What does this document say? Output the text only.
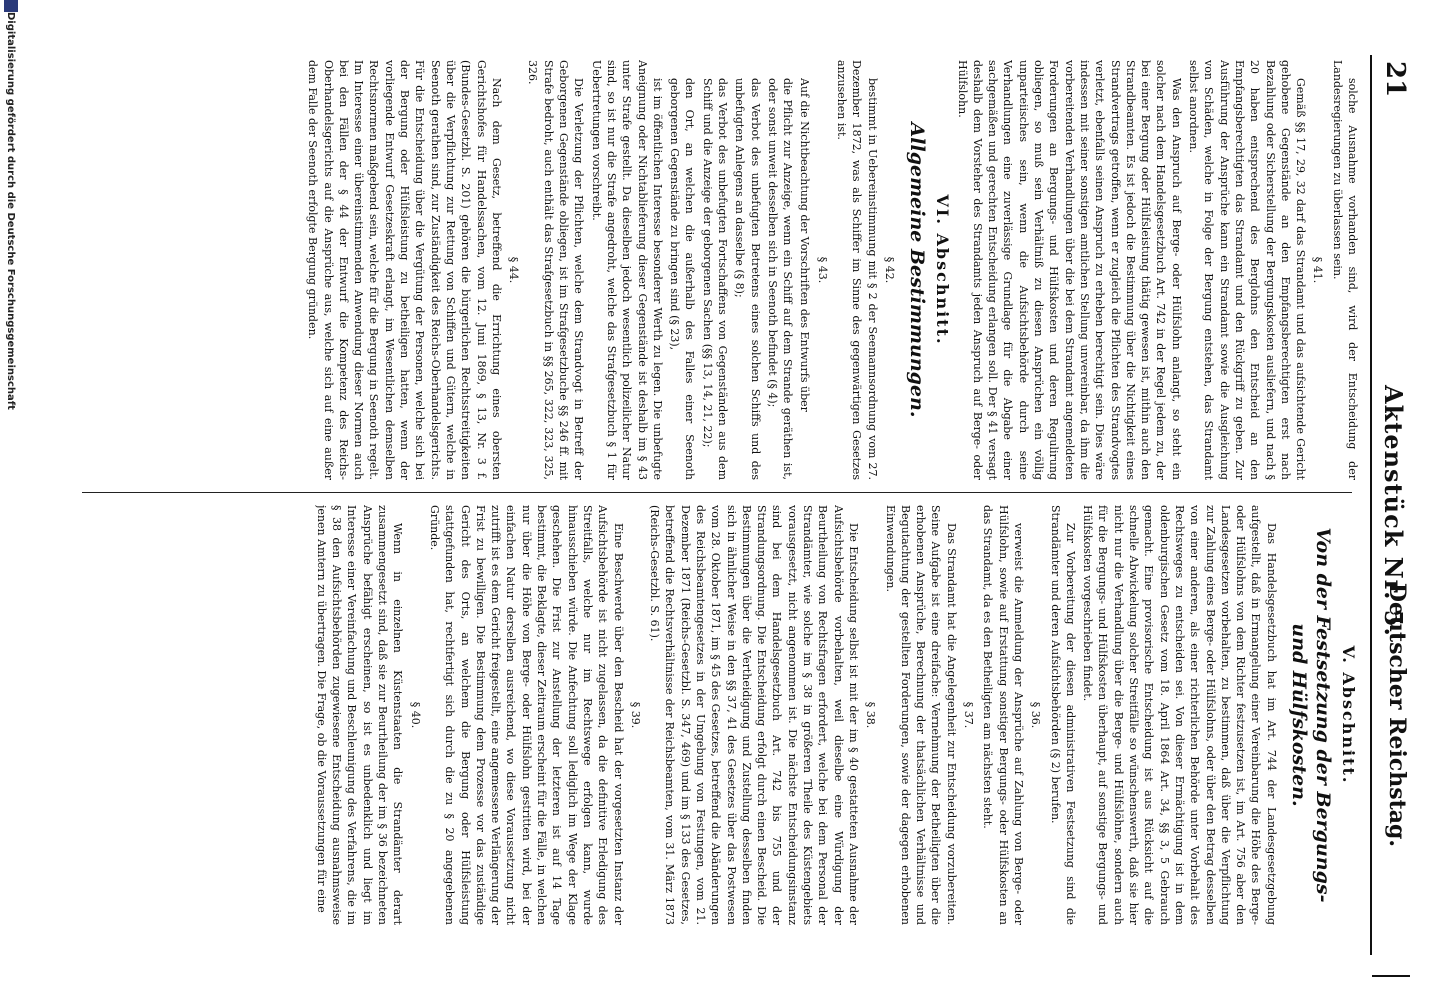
21
Aktenstück Nr. 5.

solche Ausnahme vorhanden sind, wird der Entscheidung der Landesregierungen zu überlassen sein.

§ 41.

Gemäß §§ 17, 29, 32 darf das Strandamt und das aufsichtende Gericht gehobene Gegenstände an den Empfangsberechtigten erst nach Bezahlung oder Sicherstellung der Bergungskosten ausliefern, und nach § 20 haben entsprechend des Berglohns den Entscheid an den Empfangsberechtigten das Strandamt und den Rückgriff zu geben. Zur Ausführung der Ansprüche kann ein Strandamt sowie die Ausgleichung von Schäden, welche in Folge der Bergung entstehen, das Strandamt selbst anordnen.

Was den Anspruch auf Berge- oder Hülfslohn anlangt, so steht ein solcher nach dem Handelsgesetzbuch Art. 742 in der Regel jedem zu, der bei einer Bergung oder Hülfsleistung thätig gewesen ist, mithin auch den Strandbeamten. Es ist jedoch die Bestimmung über die Nichtigkeit eines Strandvertrags getroffen, wenn er zugleich die Pflichten des Strandvogtes verletzt, ebenfalls seinen Anspruch zu erheben berechtigt sein. Dies wäre indessen mit seiner sonstigen amtlichen Stellung unvereinbar, da ihm die vorbereitenden Verhandlungen über die bei dem Strandamt angemeldeten Forderungen an Bergungs- und Hülfskosten und deren Regulirung obliegen, so muß sein Verhältniß zu diesen Ansprüchen ein völlig unparteiisches sein, wenn die Aufsichtsbehörde durch seine Verhandlungen eine zuverlässige Grundlage für die Abgabe einer sachgemäßen und gerechten Entscheidung erlangen soll. Der § 41 versagt deshalb dem Vorsteher des Strandamts jeden Anspruch auf Berge- oder Hülfslohn.

VI. Abschnitt.
Allgemeine Bestimmungen.
§ 42.

bestimmt in Uebereinstimmung mit § 2 der Seemannsordnung vom 27. Dezember 1872, was als Schiffer im Sinne des gegenwärtigen Gesetzes anzusehen ist.

§ 43.

Auf die Nichtbeachtung der Vorschriften des Entwurfs über

die Pflicht zur Anzeige, wenn ein Schiff auf dem Strande geräthen ist, oder sonst unweit desselben sich in Seenoth befindet (§ 4);

das Verbot des unbefugten Betretens eines solchen Schiffs und des unbefugten Anlegens an dasselbe (§ 8);

das Verbot des unbefugten Fortschaffens von Gegenständen aus dem Schiff und die Anzeige der geborgenen Sachen (§§ 13, 14, 21, 22);

den Ort, an welchen die außerhalb des Falles einer Seenoth geborgenen Gegenstände zu bringen sind (§ 23),

ist im öffentlichen Interesse besonderer Werth zu legen. Die unbefugte Aneignung oder Nichtablieferung dieser Gegenstände ist deshalb im § 43 unter Strafe gestellt. Da dieselben jedoch wesentlich polizeilicher Natur sind, so ist nur die Strafe angedroht, welche das Strafgesetzbuch § 1 für Uebertretungen vorschreibt.

Die Verletzung der Pflichten, welche dem Strandvogt in Betreff der Geborgenen Gegenstände obliegen, ist im Strafgesetzbuche §§ 246 ff. mit Strafe bedroht, auch enthält das Strafgesetzbuch in §§ 265, 322, 323, 325, 326.

§ 44.

Nach dem Gesetz, betreffend die Errichtung eines obersten Gerichtshofes für Handelssachen, vom 12. Juni 1869, § 13, Nr. 3 f. (Bundes-Gesetzbl. S. 201) gehören die bürgerlichen Rechtsstreitigkeiten über die Verpflichtung zur Rettung von Schiffen und Gütern, welche in Seenoth gerathen sind, zur Zuständigkeit des Reichs-Oberhandelsgerichts. Für die Entscheidung über die Vergütung der Personen, welche sich bei der Bergung oder Hülfsleistung zu betheiligen hatten, wenn der vorliegende Entwurf Gesetzeskraft erlangt, im Wesentlichen demselben Rechtsnormen maßgebend sein, welche für die Bergung in Seenoth regelt. Im Interesse einer übereinstimmenden Anwendung dieser Normen auch bei den Fällen der § 44 der Entwurf die Kompetenz des Reichs-Oberhandelsgerichts auf die Ansprüche aus, welche sich auf eine außer dem Falle der Seenoth erfolgte Bergung gründen.

V. Abschnitt.
Von der Festsetzung der Bergungs- und Hülfskosten.

Das Handelsgesetzbuch hat im Art. 744 der Landesgesetzgebung aufgestellt, daß in Ermangelung einer Vereinbarung die Höhe des Berge- oder Hülfslohns von dem Richter festzusetzen ist, im Art. 756 aber den Landesgesetzen vorbehalten, zu bestimmen, daß über die Verpflichtung zur Zahlung eines Berge- oder Hülfslohns, oder über den Betrag desselben von einer anderen, als einer richterlichen Behörde unter Vorbehalt des Rechtsweges zu entscheiden sei. Von dieser Ermächtigung ist in dem oldenburgischen Gesetz vom 18. April 1864 Art. 34, §§ 3, 5 Gebrauch gemacht. Eine provisorische Entscheidung ist aus Rücksicht auf die schnelle Abwickelung solcher Streitfälle so wünschenswerth, daß sie hier nicht nur die Verhandlung über die Berge- und Hülfslöhne, sondern auch für die Bergungs- und Hülfskosten überhaupt, auf sonstige Bergungs- und Hülfskosten vorgeschrieben findet.

Zur Vorbereitung der diesen administrativen Festsetzung sind die Strandämter und deren Aufsichtsbehörden (§ 2) berufen.

§ 36.

verweist die Anmeldung der Ansprüche auf Zahlung von Berge- oder Hülfslohn, sowie auf Erstattung sonstiger Bergungs- oder Hülfskosten an das Strandamt, da es den Betheiligten am nächsten steht.

§ 37.

Das Strandamt hat die Angelegenheit zur Entscheidung vorzubereiten. Seine Aufgabe ist eine dreifache: Vernehmung der Betheiligten über die erhobenen Ansprüche, Berechnung der thatsächlichen Verhältnisse und Begutachtung der gestellten Forderungen, sowie der dagegen erhobenen Einwendungen.

§ 38.

Die Entscheidung selbst ist mit der im § 40 gestatteten Ausnahme der Aufsichtsbehörde vorbehalten, weil dieselbe eine Würdigung der Beurtheilung von Rechtsfragen erfordert, welche bei dem Personal der Strandämter, wie solche im § 38 in größeren Theile des Küstengebiets vorausgesetzt, nicht angenommen ist. Die nächste Entscheidungsinstanz sind bei dem Handelsgesetzbuch Art. 742 bis 755 und der Strandungsordnung. Die Entscheidung erfolgt durch einen Bescheid. Die Bestimmungen über die Vertheidigung und Zustellung desselben finden sich in ähnlicher Weise in den §§ 37, 41 des Gesetzes über das Postwesen vom 28. Oktober 1871, im § 45 des Gesetzes, betreffend die Abänderungen des Reichsbeamtengesetzes in der Umgebung von Festungen, vom 21. Dezember 1871 (Reichs-Gesetzbl. S. 347, 469) und im § 133 des Gesetzes, betreffend die Rechtsverhältnisse der Reichsbeamten, vom 31. März 1873 (Reichs-Gesetzbl. S. 61).

§ 39.

Eine Beschwerde über den Bescheid hat der vorgesetzten Instanz der Aufsichtsbehörde ist nicht zugelassen, da die definitive Erledigung des Streitfalls, welche nur im Rechtswege erfolgen kann, wurde hinausschieben würde. Die Anfechtung soll lediglich im Wege der Klage geschehen. Die Frist zur Anstellung der letzteren ist auf 14 Tage bestimmt, die Beklagte, dieser Zeitraum erscheint für die Fälle, in welchen nur über die Höhe von Berge- oder Hülfslohn gestritten wird, bei der einfachen Natur derselben ausreichend, wo diese Voraussetzung nicht zutrifft ist es dem Gericht freigestellt, eine angemessene Verlängerung der Frist zu bewilligen. Die Bestimmung dem Prozesse vor das zuständige Gericht des Orts, an welchem die Bergung oder Hülfsleistung stattgefunden hat, rechtfertigt sich durch die zu § 20 angegebenen Gründe.

§ 40.

Wenn in einzelnen Küstenstaaten die Strandämter derart zusammengesetzt sind, daß sie zur Beurtheilung der im § 36 bezeichneten Ansprüche befähigt erscheinen, so ist es unbedenklich und liegt im Interesse einer Vereinfachung und Beschleunigung des Verfahrens, die im § 38 den Aufsichtsbehörden zugewiesene Entscheidung ausnahmsweise jenen Amtern zu übertragen. Die Frage, ob die Voraussetzungen für eine	Deutscher Reichstag.
Digitalisierung gefördert durch die Deutsche Forschungsgemeinschaft
